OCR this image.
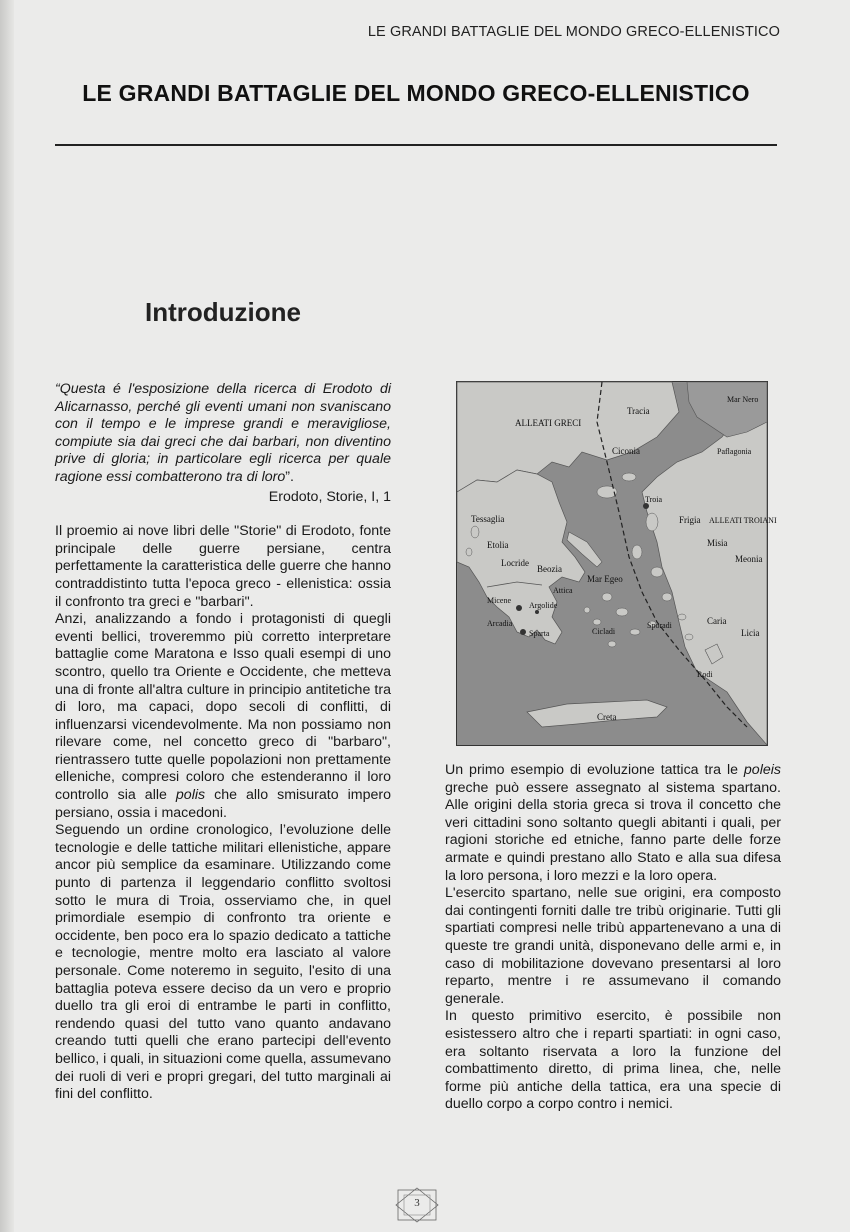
LE GRANDI BATTAGLIE DEL MONDO GRECO-ELLENISTICO
LE GRANDI BATTAGLIE DEL MONDO GRECO-ELLENISTICO
Introduzione

“Questa é l'esposizione della ricerca di Erodoto di Alicarnasso, perché gli eventi umani non svaniscano con il tempo e le imprese grandi e meravigliose, compiute sia dai greci che dai barbari, non diventino prive di gloria; in particolare egli ricerca per quale ragione essi combatterono tra di loro”.

Erodoto, Storie, I, 1

Il proemio ai nove libri delle "Storie" di Erodoto, fonte principale delle guerre persiane, centra perfettamente la caratteristica delle guerre che hanno contraddistinto tutta l'epoca greco - ellenistica: ossia il confronto tra greci e "barbari".

Anzi, analizzando a fondo i protagonisti di quegli eventi bellici, troveremmo più corretto interpretare battaglie come Maratona e Isso quali esempi di uno scontro, quello tra Oriente e Occidente, che metteva una di fronte all'altra culture in principio antitetiche tra di loro, ma capaci, dopo secoli di conflitti, di influenzarsi vicendevolmente. Ma non possiamo non rilevare come, nel concetto greco di "barbaro", rientrassero tutte quelle popolazioni non prettamente elleniche, compresi coloro che estenderanno il loro controllo sia alle polis che allo smisurato impero persiano, ossia i macedoni.

Seguendo un ordine cronologico, l’evoluzione delle tecnologie e delle tattiche militari ellenistiche, appare ancor più semplice da esaminare. Utilizzando come punto di partenza il leggendario conflitto svoltosi sotto le mura di Troia, osserviamo che, in quel primordiale esempio di confronto tra oriente e occidente, ben poco era lo spazio dedicato a tattiche e tecnologie, mentre molto era lasciato al valore personale. Come noteremo in seguito, l'esito di una battaglia poteva essere deciso da un vero e proprio duello tra gli eroi di entrambe le parti in conflitto, rendendo quasi del tutto vano quanto andavano creando tutti quelli che erano partecipi dell'evento bellico, i quali, in situazioni come quella, assumevano dei ruoli di veri e propri gregari, del tutto marginali ai fini del conflitto.

ALLEATI GRECI
Tracia
Mar Nero
Paflagonia
Ciconia
Troia
Frigia ALLEATI TROIANI
Misia
Meonia
Tessaglia
Etolia
Locride
Beozia
Mar Egeo
Attica
Micene
Argolide
Arcadia
Sparta	Cicladi
Sporadi	Caria
Licia
Rodi
Creta

Un primo esempio di evoluzione tattica tra le poleis greche può essere assegnato al sistema spartano. Alle origini della storia greca si trova il concetto che veri cittadini sono soltanto quegli abitanti i quali, per ragioni storiche ed etniche, fanno parte delle forze armate e quindi prestano allo Stato e alla sua difesa la loro persona, i loro mezzi e la loro opera.

L'esercito spartano, nelle sue origini, era composto dai contingenti forniti dalle tre tribù originarie. Tutti gli spartiati compresi nelle tribù appartenevano a una di queste tre grandi unità, disponevano delle armi e, in caso di mobilitazione dovevano presentarsi al loro reparto, mentre i re assumevano il comando generale.

In questo primitivo esercito, è possibile non esistessero altro che i reparti spartiati: in ogni caso, era soltanto riservata a loro la funzione del combattimento diretto, di prima linea, che, nelle forme più antiche della tattica, era una specie di duello corpo a corpo contro i nemici.

3
